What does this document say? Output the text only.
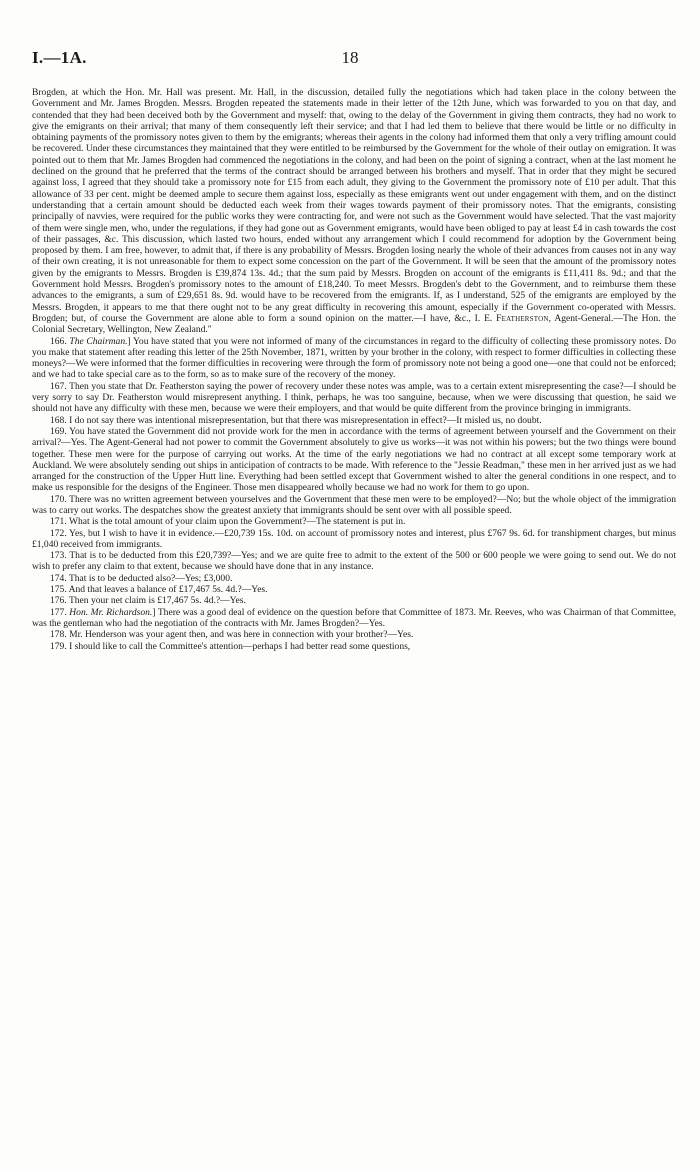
I.—1A.	18

Brogden, at which the Hon. Mr. Hall was present. Mr. Hall, in the discussion, detailed fully the negotiations which had taken place in the colony between the Government and Mr. James Brogden. Messrs. Brogden repeated the statements made in their letter of the 12th June, which was forwarded to you on that day, and contended that they had been deceived both by the Government and myself: that, owing to the delay of the Government in giving them contracts, they had no work to give the emigrants on their arrival; that many of them consequently left their service; and that I had led them to believe that there would be little or no difficulty in obtaining payments of the promissory notes given to them by the emigrants; whereas their agents in the colony had informed them that only a very trifling amount could be recovered. Under these circumstances they maintained that they were entitled to be reimbursed by the Government for the whole of their outlay on emigration. It was pointed out to them that Mr. James Brogden had commenced the negotiations in the colony, and had been on the point of signing a contract, when at the last moment he declined on the ground that he preferred that the terms of the contract should be arranged between his brothers and myself. That in order that they might be secured against loss, I agreed that they should take a promissory note for £15 from each adult, they giving to the Government the promissory note of £10 per adult. That this allowance of 33 per cent. might be deemed ample to secure them against loss, especially as these emigrants went out under engagement with them, and on the distinct understanding that a certain amount should be deducted each week from their wages towards payment of their promissory notes. That the emigrants, consisting principally of navvies, were required for the public works they were contracting for, and were not such as the Government would have selected. That the vast majority of them were single men, who, under the regulations, if they had gone out as Government emigrants, would have been obliged to pay at least £4 in cash towards the cost of their passages, &c. This discussion, which lasted two hours, ended without any arrangement which I could recommend for adoption by the Government being proposed by them. I am free, however, to admit that, if there is any probability of Messrs. Brogden losing nearly the whole of their advances from causes not in any way of their own creating, it is not unreasonable for them to expect some concession on the part of the Government. It will be seen that the amount of the promissory notes given by the emigrants to Messrs. Brogden is £39,874 13s. 4d.; that the sum paid by Messrs. Brogden on account of the emigrants is £11,411 8s. 9d.; and that the Government hold Messrs. Brogden's promissory notes to the amount of £18,240. To meet Messrs. Brogden's debt to the Government, and to reimburse them these advances to the emigrants, a sum of £29,651 8s. 9d. would have to be recovered from the emigrants. If, as I understand, 525 of the emigrants are employed by the Messrs. Brogden, it appears to me that there ought not to be any great difficulty in recovering this amount, especially if the Government co-operated with Messrs. Brogden; but, of course the Government are alone able to form a sound opinion on the matter.—I have, &c., I. E. Featherston, Agent-General.—The Hon. the Colonial Secretary, Wellington, New Zealand."

166. The Chairman.] You have stated that you were not informed of many of the circumstances in regard to the difficulty of collecting these promissory notes. Do you make that statement after reading this letter of the 25th November, 1871, written by your brother in the colony, with respect to former difficulties in collecting these moneys?—We were informed that the former difficulties in recovering were through the form of promissory note not being a good one—one that could not be enforced; and we had to take special care as to the form, so as to make sure of the recovery of the money.

167. Then you state that Dr. Featherston saying the power of recovery under these notes was ample, was to a certain extent misrepresenting the case?—I should be very sorry to say Dr. Featherston would misrepresent anything. I think, perhaps, he was too sanguine, because, when we were discussing that question, he said we should not have any difficulty with these men, because we were their employers, and that would be quite different from the province bringing in immigrants.

168. I do not say there was intentional misrepresentation, but that there was misrepresentation in effect?—It misled us, no doubt.

169. You have stated the Government did not provide work for the men in accordance with the terms of agreement between yourself and the Government on their arrival?—Yes. The Agent-General had not power to commit the Government absolutely to give us works—it was not within his powers; but the two things were bound together. These men were for the purpose of carrying out works. At the time of the early negotiations we had no contract at all except some temporary work at Auckland. We were absolutely sending out ships in anticipation of contracts to be made. With reference to the "Jessie Readman," these men in her arrived just as we had arranged for the construction of the Upper Hutt line. Everything had been settled except that Government wished to alter the general conditions in one respect, and to make us responsible for the designs of the Engineer. Those men disappeared wholly because we had no work for them to go upon.

170. There was no written agreement between yourselves and the Government that these men were to be employed?—No; but the whole object of the immigration was to carry out works. The despatches show the greatest anxiety that immigrants should be sent over with all possible speed.

171. What is the total amount of your claim upon the Government?—The statement is put in.

172. Yes, but I wish to have it in evidence.—£20,739 15s. 10d. on account of promissory notes and interest, plus £767 9s. 6d. for transhipment charges, but minus £1,040 received from immigrants.

173. That is to be deducted from this £20,739?—Yes; and we are quite free to admit to the extent of the 500 or 600 people we were going to send out. We do not wish to prefer any claim to that extent, because we should have done that in any instance.

174. That is to be deducted also?—Yes; £3,000.

175. And that leaves a balance of £17,467 5s. 4d.?—Yes.

176. Then your net claim is £17,467 5s. 4d.?—Yes.

177. Hon. Mr. Richardson.] There was a good deal of evidence on the question before that Committee of 1873. Mr. Reeves, who was Chairman of that Committee, was the gentleman who had the negotiation of the contracts with Mr. James Brogden?—Yes.

178. Mr. Henderson was your agent then, and was here in connection with your brother?—Yes.

179. I should like to call the Committee's attention—perhaps I had better read some questions,
